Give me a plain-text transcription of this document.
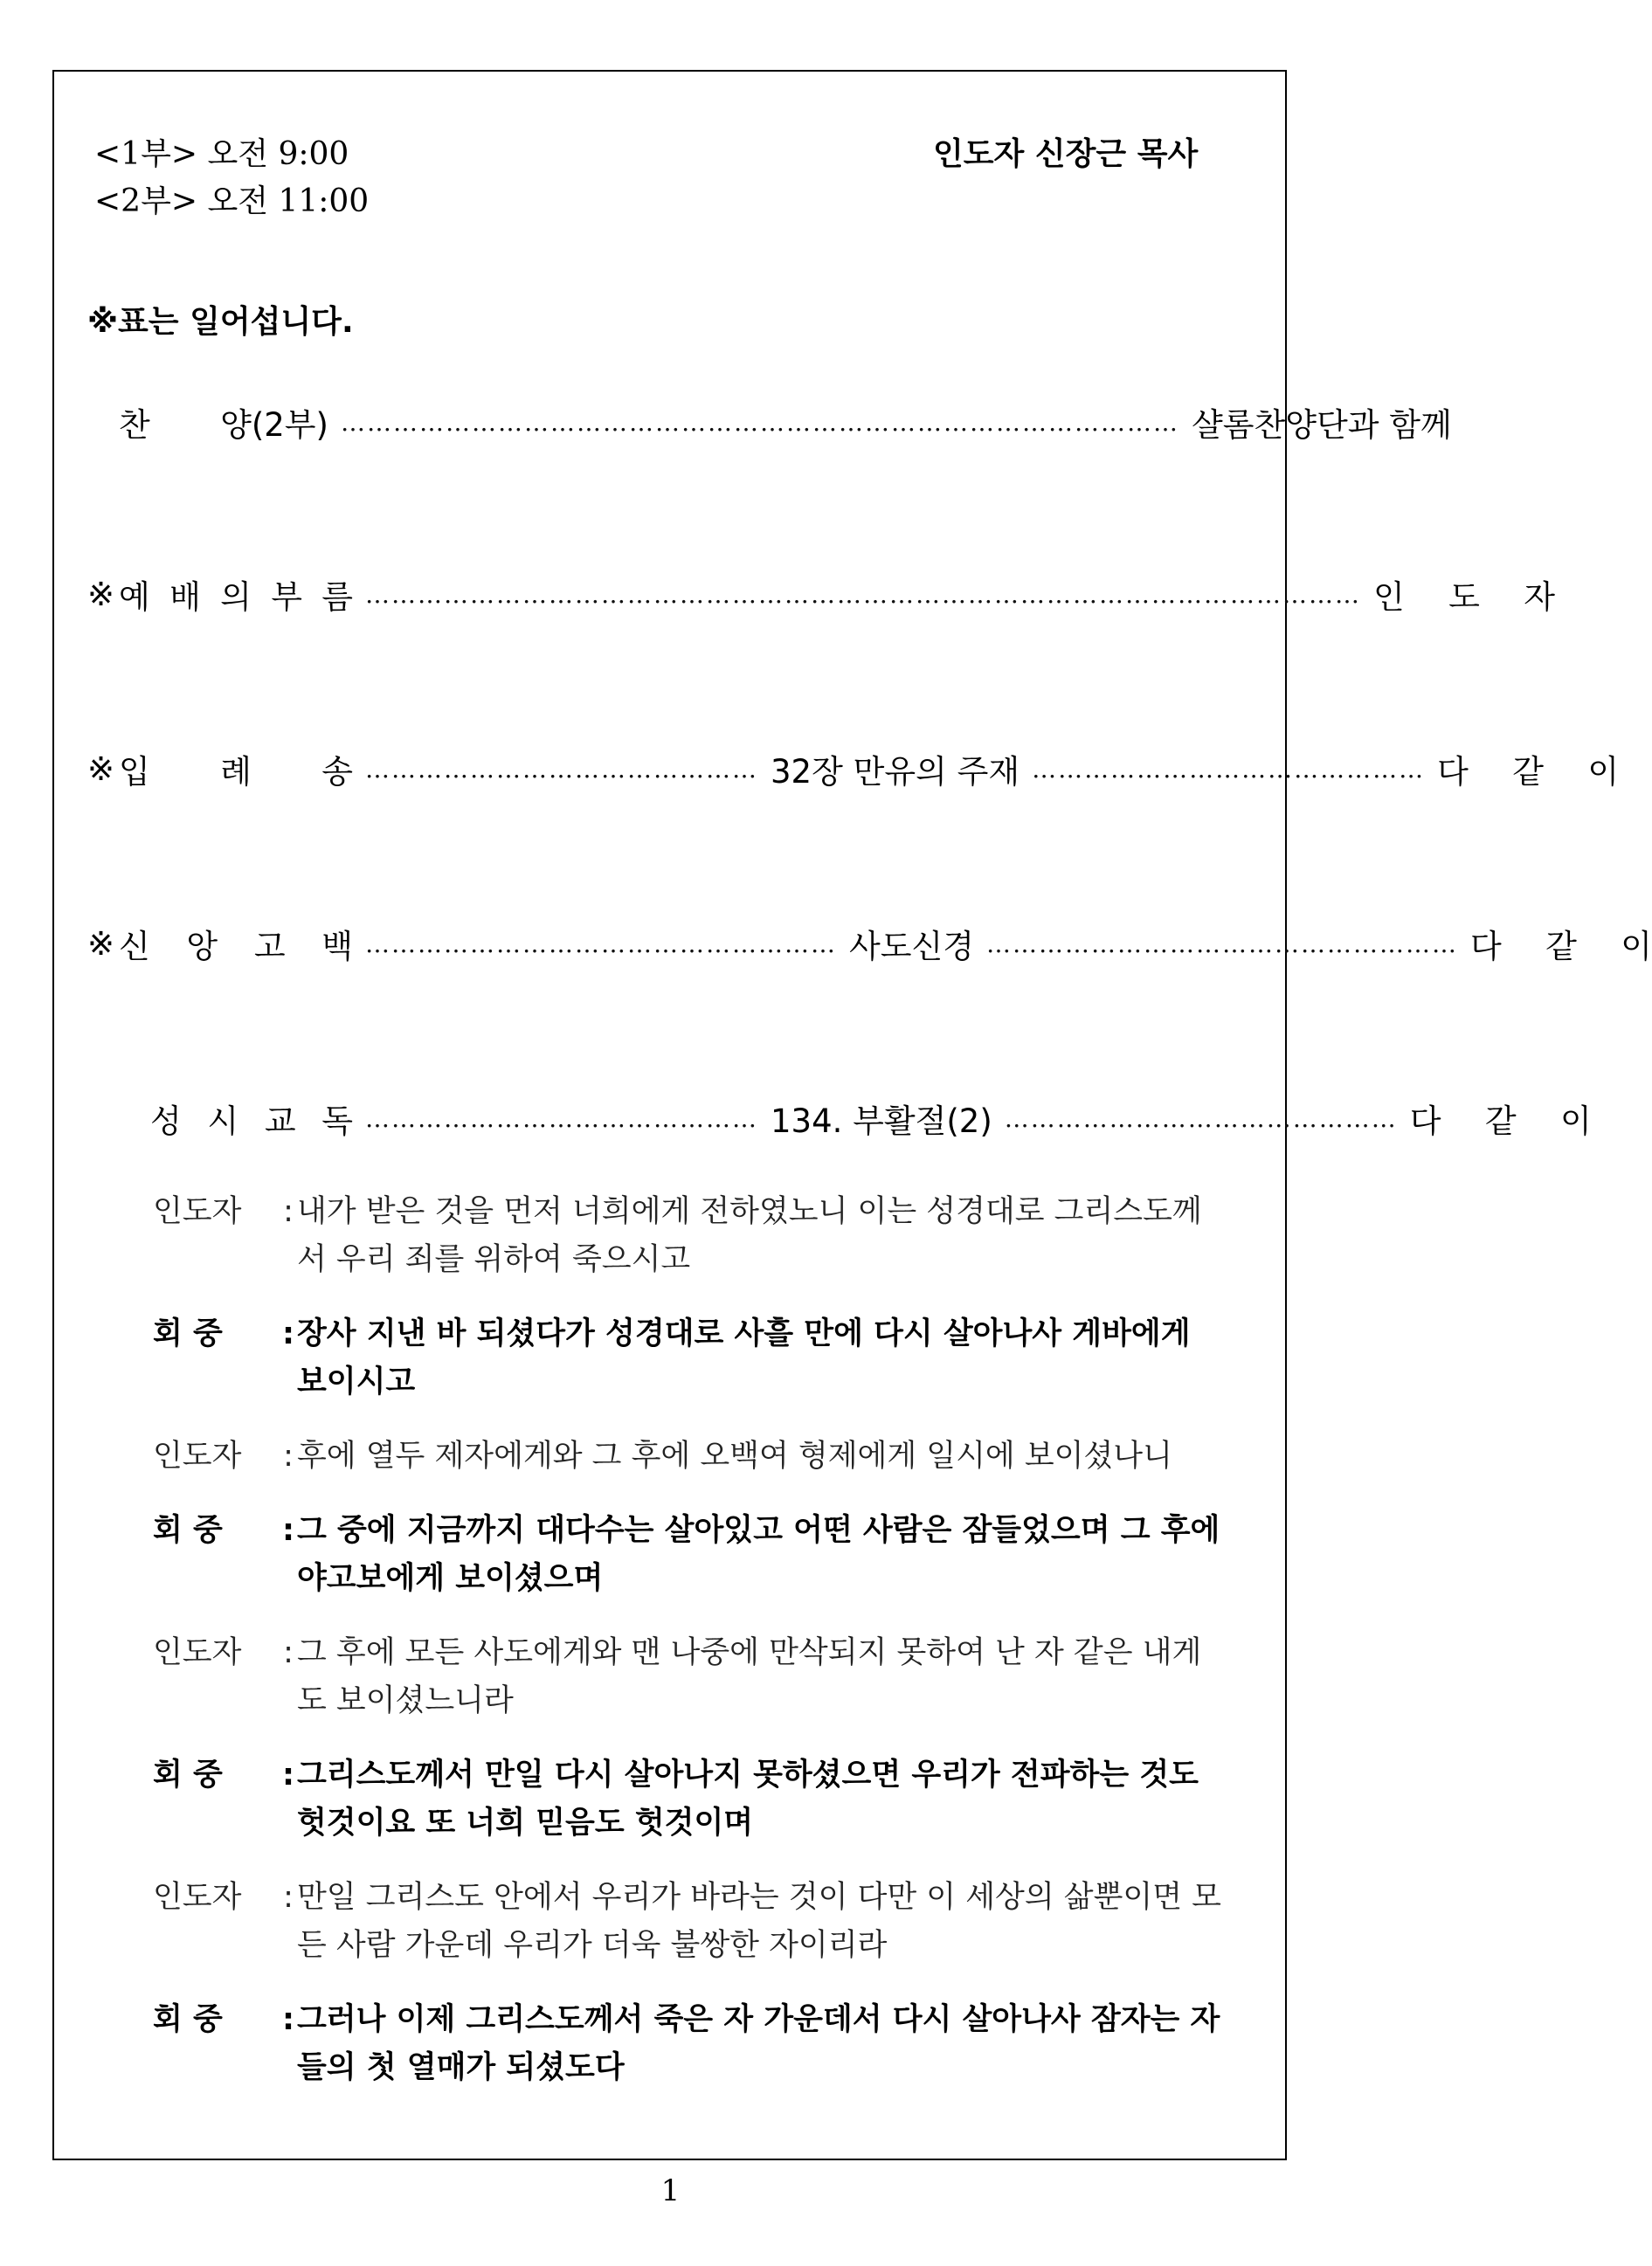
<1부> 오전 9:00
<2부> 오전 11:00
인도자 신장근 목사
※표는 일어섭니다.
찬 양(2부) …………………………………………………………………………………… 샬롬찬양단과 함께
※ 예 배 의 부 름 …………………………………………………………………………………………………… 인 도 자
※ 입 례 송 ……………………………………… 32장 만유의 주재 ……………………………………… 다 같 이
※ 신 앙 고 백 ……………………………………………… 사도신경 ……………………………………………… 다 같 이
성 시 교 독 ……………………………………… 134. 부활절(2) ……………………………………… 다 같 이
인도자	: 내가 받은 것을 먼저 너희에게 전하였노니 이는 성경대로 그리스도께서 우리 죄를 위하여 죽으시고
회 중	: 장사 지낸 바 되셨다가 성경대로 사흘 만에 다시 살아나사 게바에게 보이시고
인도자	: 후에 열두 제자에게와 그 후에 오백여 형제에게 일시에 보이셨나니
회 중	: 그 중에 지금까지 대다수는 살아있고 어떤 사람은 잠들었으며 그 후에 야고보에게 보이셨으며
인도자	: 그 후에 모든 사도에게와 맨 나중에 만삭되지 못하여 난 자 같은 내게도 보이셨느니라
회 중	: 그리스도께서 만일 다시 살아나지 못하셨으면 우리가 전파하는 것도 헛것이요 또 너희 믿음도 헛것이며
인도자	: 만일 그리스도 안에서 우리가 바라는 것이 다만 이 세상의 삶뿐이면 모든 사람 가운데 우리가 더욱 불쌍한 자이리라
회 중	: 그러나 이제 그리스도께서 죽은 자 가운데서 다시 살아나사 잠자는 자들의 첫 열매가 되셨도다
1
